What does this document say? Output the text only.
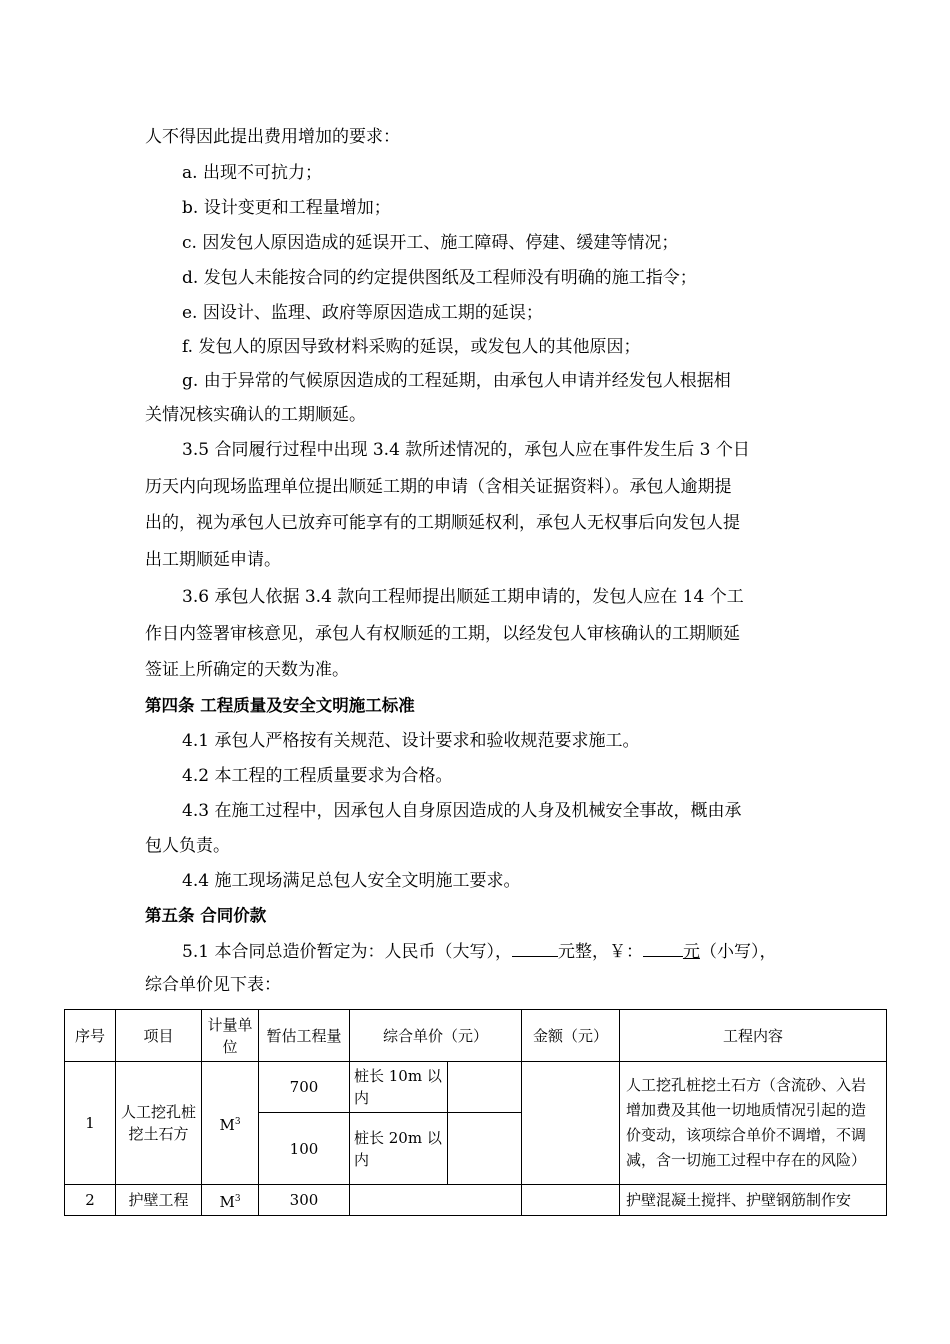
人不得因此提出费用增加的要求：
a. 出现不可抗力；
b. 设计变更和工程量增加；
c. 因发包人原因造成的延误开工、施工障碍、停建、缓建等情况；
d. 发包人未能按合同的约定提供图纸及工程师没有明确的施工指令；
e. 因设计、监理、政府等原因造成工期的延误；
f. 发包人的原因导致材料采购的延误，或发包人的其他原因；
g. 由于异常的气候原因造成的工程延期，由承包人申请并经发包人根据相
关情况核实确认的工期顺延。
3.5 合同履行过程中出现 3.4 款所述情况的，承包人应在事件发生后 3 个日
历天内向现场监理单位提出顺延工期的申请（含相关证据资料）。承包人逾期提
出的，视为承包人已放弃可能享有的工期顺延权利，承包人无权事后向发包人提
出工期顺延申请。
3.6 承包人依据 3.4 款向工程师提出顺延工期申请的，发包人应在 14 个工
作日内签署审核意见，承包人有权顺延的工期，以经发包人审核确认的工期顺延
签证上所确定的天数为准。
第四条 工程质量及安全文明施工标准
4.1 承包人严格按有关规范、设计要求和验收规范要求施工。
4.2 本工程的工程质量要求为合格。
4.3 在施工过程中，因承包人自身原因造成的人身及机械安全事故，概由承
包人负责。
4.4 施工现场满足总包人安全文明施工要求。
第五条 合同价款
5.1 本合同总造价暂定为：人民币（大写），	元整，￥： 元（小写），
综合单价见下表：
序号	项目	计量单位	暂估工程量	综合单价（元）		金额（元）	工程内容
1	人工挖孔桩挖土石方	$M^3$	700	桩长 10m 以内			人工挖孔桩挖土石方（含流砂、入岩增加费及其他一切地质情况引起的造价变动，该项综合单价不调增，不调减，含一切施工过程中存在的风险）
			100	桩长 20m 以内			
2	护壁工程	$M^3$	300				护壁混凝土搅拌、护壁钢筋制作安
